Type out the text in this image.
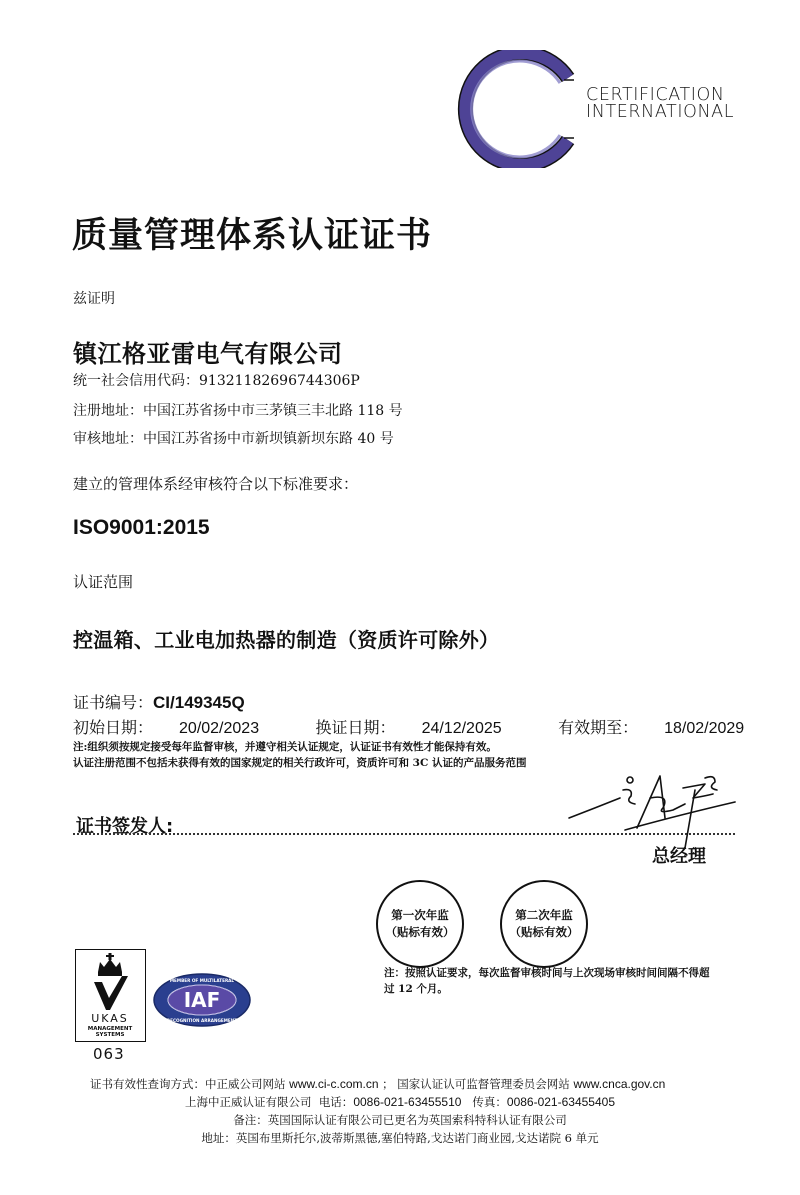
CERTIFICATION
INTERNATIONAL
质量管理体系认证证书
兹证明
镇江格亚雷电气有限公司
统一社会信用代码：91321182696744306P
注册地址：中国江苏省扬中市三茅镇三丰北路 118 号
审核地址：中国江苏省扬中市新坝镇新坝东路 40 号
建立的管理体系经审核符合以下标准要求：
ISO9001:2015
认证范围
控温箱、工业电加热器的制造（资质许可除外）
证书编号：CI/149345Q
初始日期： 20/02/2023	换证日期： 24/12/2025	有效期至： 18/02/2029
注:组织须按规定接受每年监督审核，并遵守相关认证规定，认证证书有效性才能保持有效。
认证注册范围不包括未获得有效的国家规定的相关行政许可，资质许可和 3C 认证的产品服务范围
证书签发人:
总经理
第一次年监
（贴标有效）
第二次年监
（贴标有效）
注：按照认证要求，每次监督审核时间与上次现场审核时间间隔不得超过 12 个月。
UKAS
MANAGEMENT
SYSTEMS
063
IAF
MEMBER OF MULTILATERAL
RECOGNITION ARRANGEMENT
证书有效性查询方式：中正威公司网站 www.ci-c.com.cn ； 国家认证认可监督管理委员会网站 www.cnca.gov.cn
上海中正威认证有限公司 电话：0086-021-63455510 传真：0086-021-63455405
备注：英国国际认证有限公司已更名为英国索科特科认证有限公司
地址：英国布里斯托尔,波蒂斯黑德,塞伯特路,戈达诺门商业园,戈达诺院 6 单元
